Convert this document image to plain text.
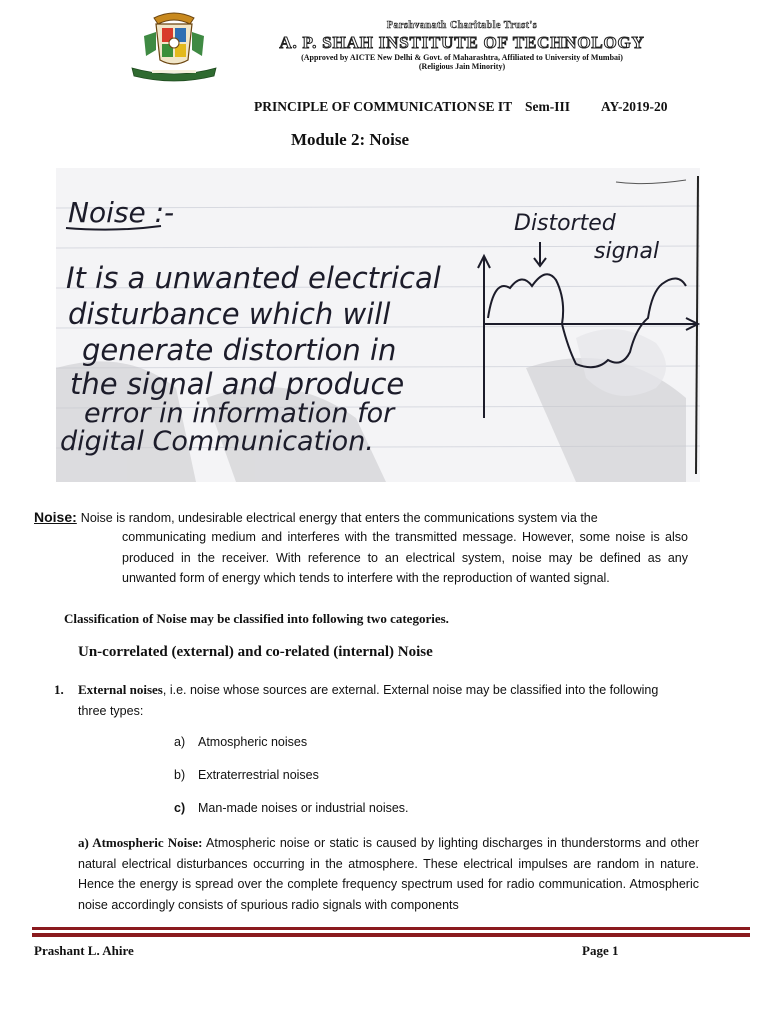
Parshvanath Charitable Trust's
A. P. SHAH INSTITUTE OF TECHNOLOGY
(Approved by AICTE New Delhi & Govt. of Maharashtra, Affiliated to University of Mumbai)
(Religious Jain Minority)
PRINCIPLE OF COMMUNICATION SE IT Sem-III AY-2019-20
Module 2: Noise
Noise :-
It is a unwanted electrical
disturbance which will
generate distortion in
the signal and produce
error in information for
digital Communication.
Distorted
signal
Noise: Noise is random, undesirable electrical energy that enters the communications system via the
communicating medium and interferes with the transmitted message. However, some noise is also produced in the receiver. With reference to an electrical system, noise may be defined as any unwanted form of energy which tends to interfere with the reproduction of wanted signal.
Classification of Noise may be classified into following two categories.
Un-correlated (external) and co-related (internal) Noise
1. External noises, i.e. noise whose sources are external. External noise may be classified into the following three types:
a) Atmospheric noises
b) Extraterrestrial noises
c) Man-made noises or industrial noises.
a) Atmospheric Noise: Atmospheric noise or static is caused by lighting discharges in thunderstorms and other natural electrical disturbances occurring in the atmosphere. These electrical impulses are random in nature. Hence the energy is spread over the complete frequency spectrum used for radio communication. Atmospheric noise accordingly consists of spurious radio signals with components
Prashant L. Ahire	Page 1
